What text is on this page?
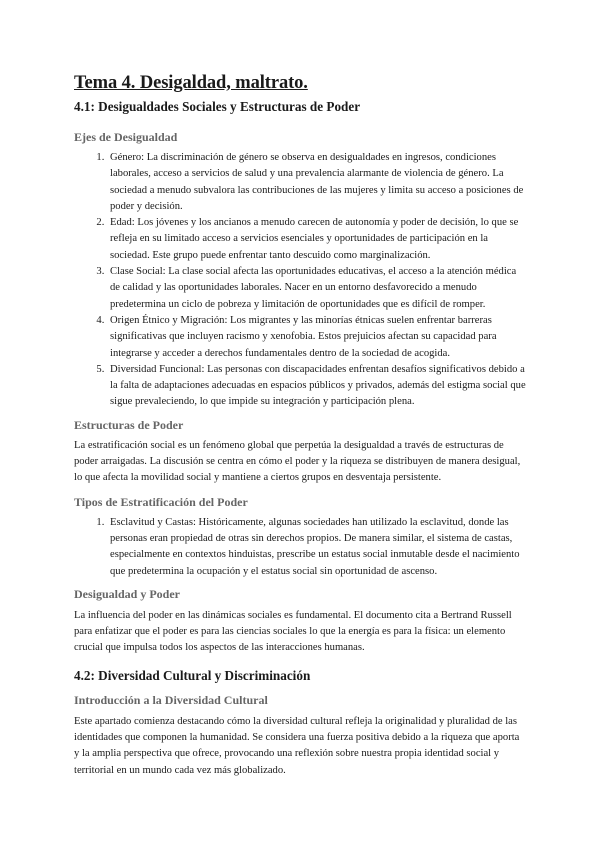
Tema 4. Desigaldad, maltrato.
4.1: Desigualdades Sociales y Estructuras de Poder
Ejes de Desigualdad
1. Género: La discriminación de género se observa en desigualdades en ingresos, condiciones laborales, acceso a servicios de salud y una prevalencia alarmante de violencia de género. La sociedad a menudo subvalora las contribuciones de las mujeres y limita su acceso a posiciones de poder y decisión.
2. Edad: Los jóvenes y los ancianos a menudo carecen de autonomía y poder de decisión, lo que se refleja en su limitado acceso a servicios esenciales y oportunidades de participación en la sociedad. Este grupo puede enfrentar tanto descuido como marginalización.
3. Clase Social: La clase social afecta las oportunidades educativas, el acceso a la atención médica de calidad y las oportunidades laborales. Nacer en un entorno desfavorecido a menudo predetermina un ciclo de pobreza y limitación de oportunidades que es difícil de romper.
4. Origen Étnico y Migración: Los migrantes y las minorías étnicas suelen enfrentar barreras significativas que incluyen racismo y xenofobia. Estos prejuicios afectan su capacidad para integrarse y acceder a derechos fundamentales dentro de la sociedad de acogida.
5. Diversidad Funcional: Las personas con discapacidades enfrentan desafíos significativos debido a la falta de adaptaciones adecuadas en espacios públicos y privados, además del estigma social que sigue prevaleciendo, lo que impide su integración y participación plena.
Estructuras de Poder

La estratificación social es un fenómeno global que perpetúa la desigualdad a través de estructuras de poder arraigadas. La discusión se centra en cómo el poder y la riqueza se distribuyen de manera desigual, lo que afecta la movilidad social y mantiene a ciertos grupos en desventaja persistente.

Tipos de Estratificación del Poder
1. Esclavitud y Castas: Históricamente, algunas sociedades han utilizado la esclavitud, donde las personas eran propiedad de otras sin derechos propios. De manera similar, el sistema de castas, especialmente en contextos hinduistas, prescribe un estatus social inmutable desde el nacimiento que predetermina la ocupación y el estatus social sin oportunidad de ascenso.
Desigualdad y Poder

La influencia del poder en las dinámicas sociales es fundamental. El documento cita a Bertrand Russell para enfatizar que el poder es para las ciencias sociales lo que la energía es para la física: un elemento crucial que impulsa todos los aspectos de las interacciones humanas.

4.2: Diversidad Cultural y Discriminación
Introducción a la Diversidad Cultural

Este apartado comienza destacando cómo la diversidad cultural refleja la originalidad y pluralidad de las identidades que componen la humanidad. Se considera una fuerza positiva debido a la riqueza que aporta y la amplia perspectiva que ofrece, provocando una reflexión sobre nuestra propia identidad social y territorial en un mundo cada vez más globalizado.
